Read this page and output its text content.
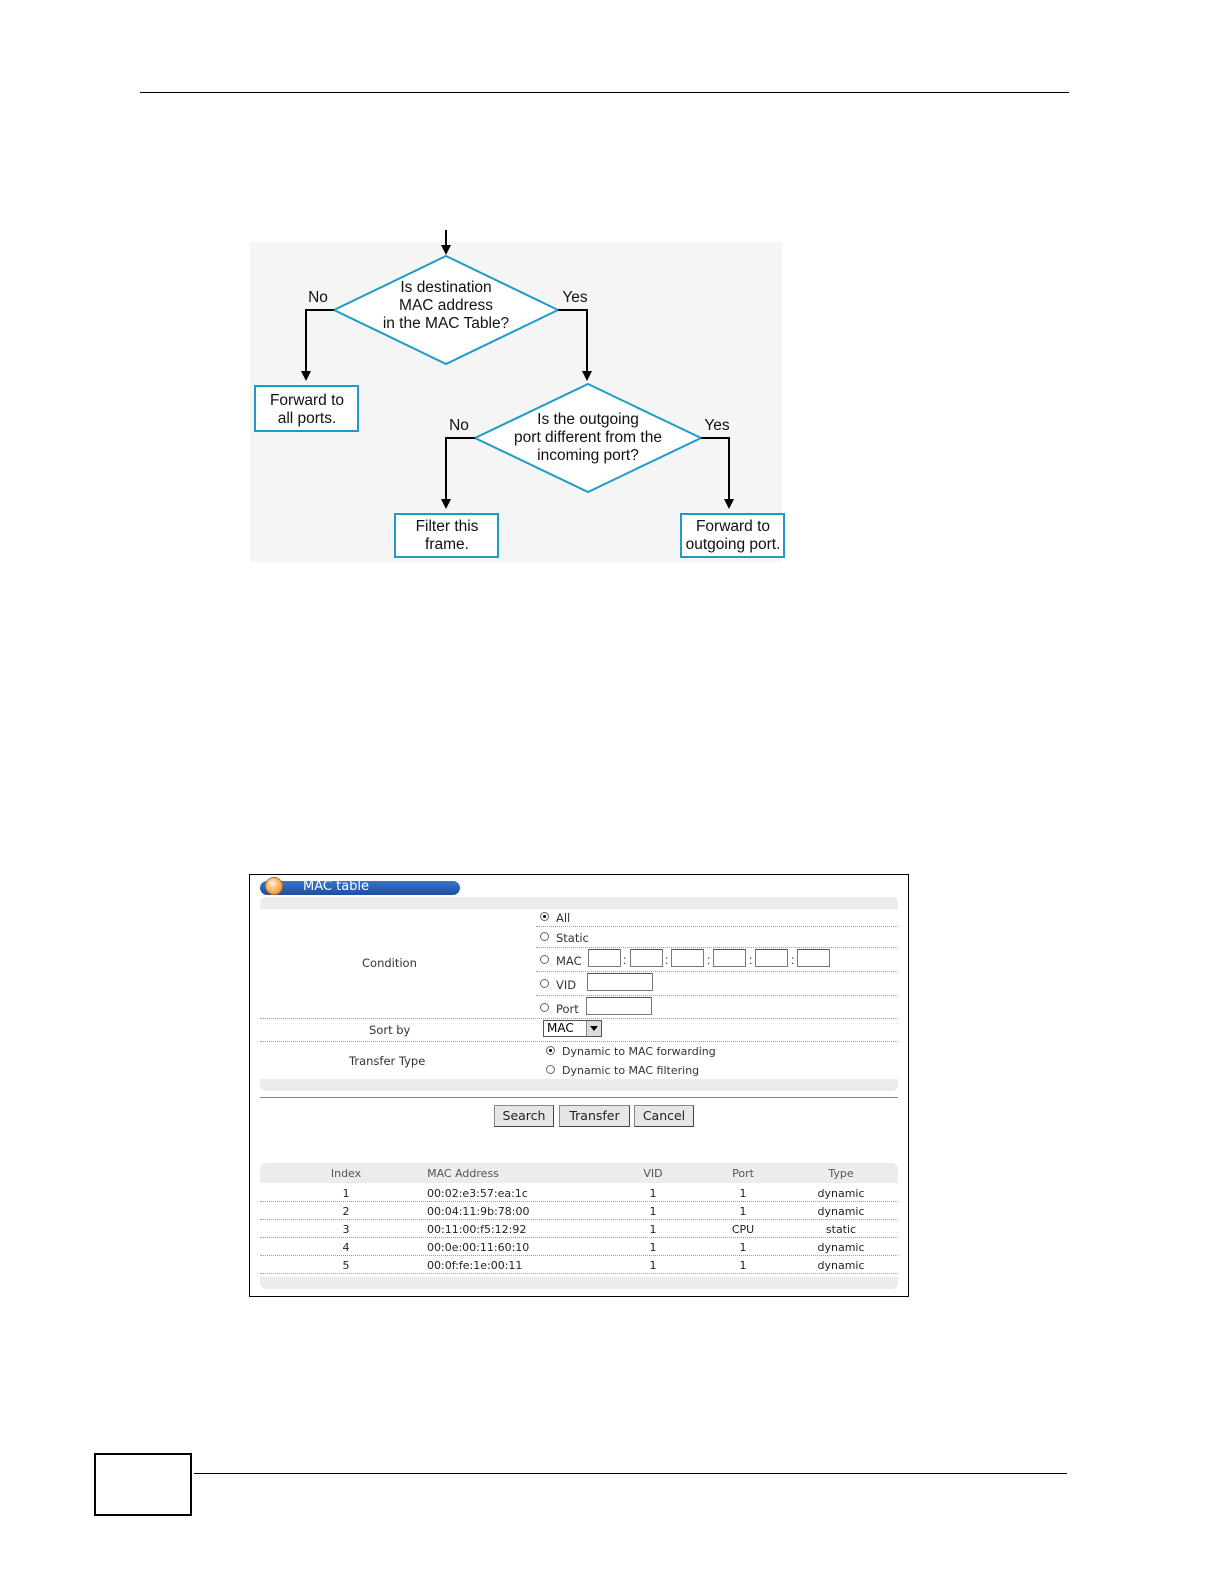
Is destination
MAC address
in the MAC Table?
No	Yes
Forward to
all ports.	Is the outgoing
port different from the
incoming port?
No	Yes
Filter this
frame.
Forward to
outgoing port.
MAC table
Condition
All
Static
MAC	:	:	:	:	:
VID
Port
Sort by	MAC
Transfer Type
Dynamic to MAC forwarding
Dynamic to MAC filtering
Search	Transfer	Cancel
Index	MAC Address	VID	Port	Type
1	00:02:e3:57:ea:1c	1	1	dynamic
2	00:04:11:9b:78:00	1	1	dynamic
3	00:11:00:f5:12:92	1	CPU	static
4	00:0e:00:11:60:10	1	1	dynamic
5	00:0f:fe:1e:00:11	1	1	dynamic
